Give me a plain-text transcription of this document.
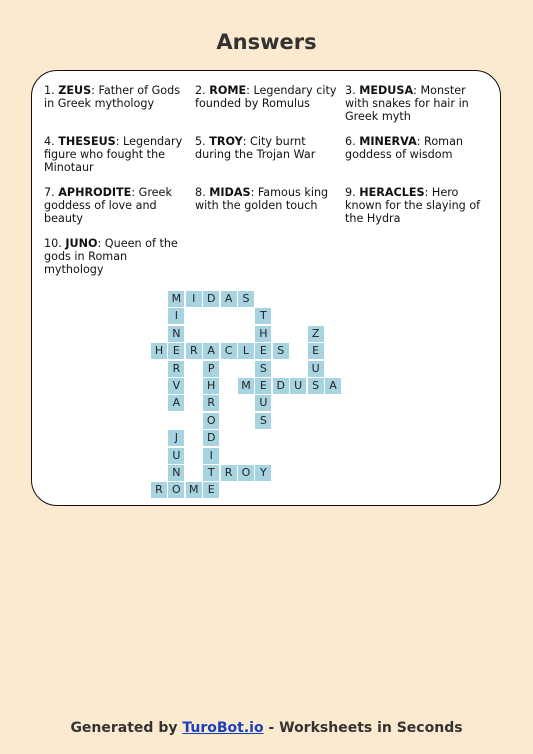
Answers
1. ZEUS: Father of Gods in Greek mythology
2. ROME: Legendary city founded by Romulus
3. MEDUSA: Monster with snakes for hair in Greek myth
4. THESEUS: Legendary figure who fought the Minotaur
5. TROY: City burnt during the Trojan War
6. MINERVA: Roman goddess of wisdom
7. APHRODITE: Greek goddess of love and beauty
8. MIDAS: Famous king with the golden touch
9. HERACLES: Hero known for the slaying of the Hydra
10. JUNO: Queen of the gods in Roman mythology
M	I	D A S
I
N
E
R
V
A
T
H
E
S
E
U
S
Z
E
U
S
H	R A C L	S
P
H
R
O
D
I
T
E
M	D U	A
J
U
N
O
R O Y
R	M
Generated by TuroBot.io - Worksheets in Seconds
